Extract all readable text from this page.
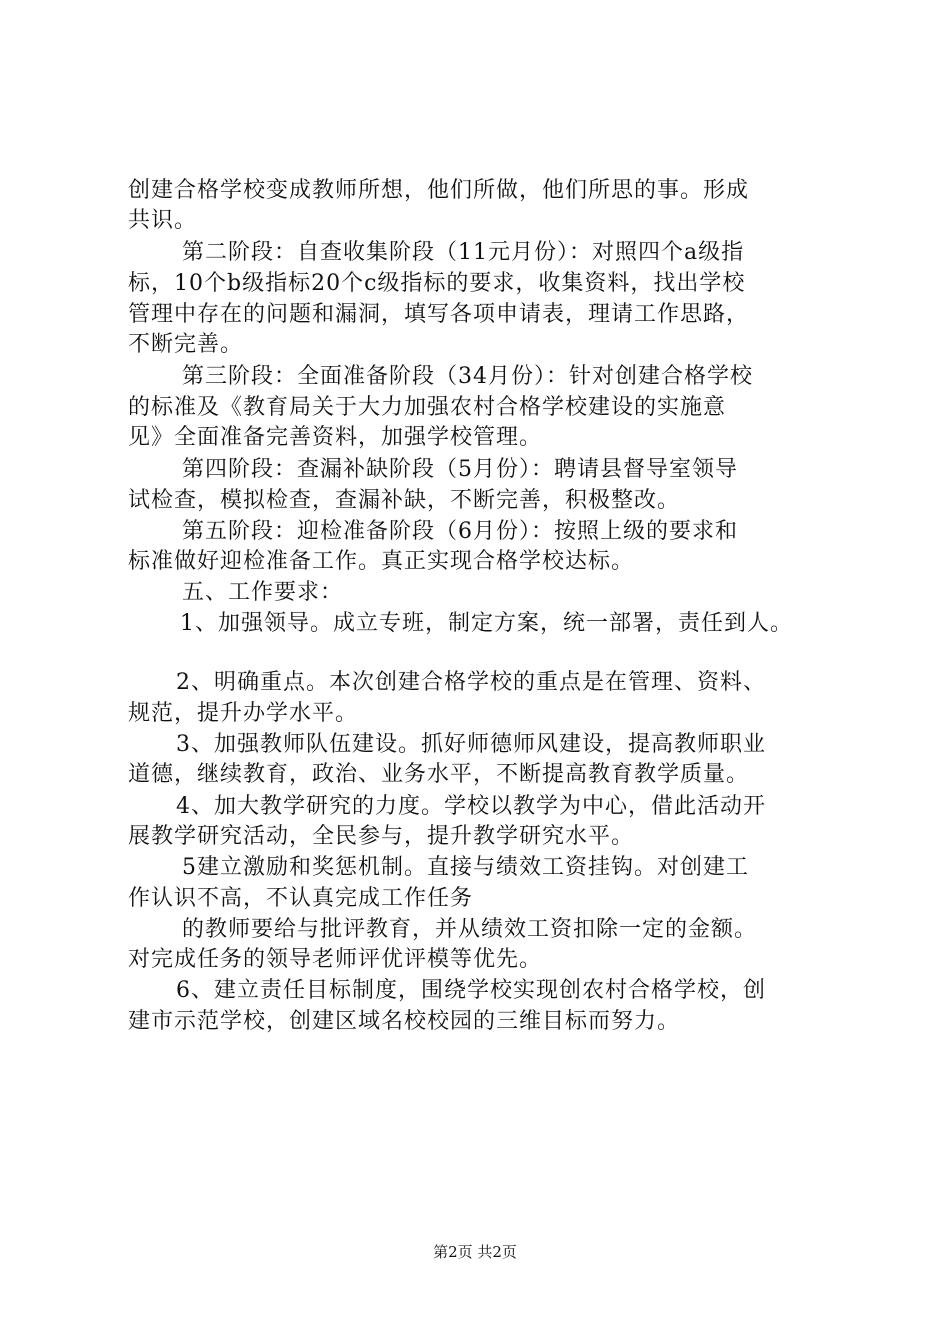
创建合格学校变成教师所想，他们所做，他们所思的事。形成
共识。
第二阶段：自查收集阶段（11元月份）：对照四个a级指
标，10个b级指标20个c级指标的要求，收集资料，找出学校
管理中存在的问题和漏洞，填写各项申请表，理请工作思路，
不断完善。
第三阶段：全面准备阶段（34月份）：针对创建合格学校
的标准及《教育局关于大力加强农村合格学校建设的实施意
见》全面准备完善资料，加强学校管理。
第四阶段：查漏补缺阶段（5月份）：聘请县督导室领导
试检查，模拟检查，查漏补缺，不断完善，积极整改。
第五阶段：迎检准备阶段（6月份）：按照上级的要求和
标准做好迎检准备工作。真正实现合格学校达标。
五、工作要求：
1、加强领导。成立专班，制定方案，统一部署，责任到人。
2、明确重点。本次创建合格学校的重点是在管理、资料、
规范，提升办学水平。
3、加强教师队伍建设。抓好师德师风建设，提高教师职业
道德，继续教育，政治、业务水平，不断提高教育教学质量。
4、加大教学研究的力度。学校以教学为中心，借此活动开
展教学研究活动，全民参与，提升教学研究水平。
5建立激励和奖惩机制。直接与绩效工资挂钩。对创建工
作认识不高，不认真完成工作任务
的教师要给与批评教育，并从绩效工资扣除一定的金额。
对完成任务的领导老师评优评模等优先。
6、建立责任目标制度，围绕学校实现创农村合格学校，创
建市示范学校，创建区域名校校园的三维目标而努力。
第2页 共2页
